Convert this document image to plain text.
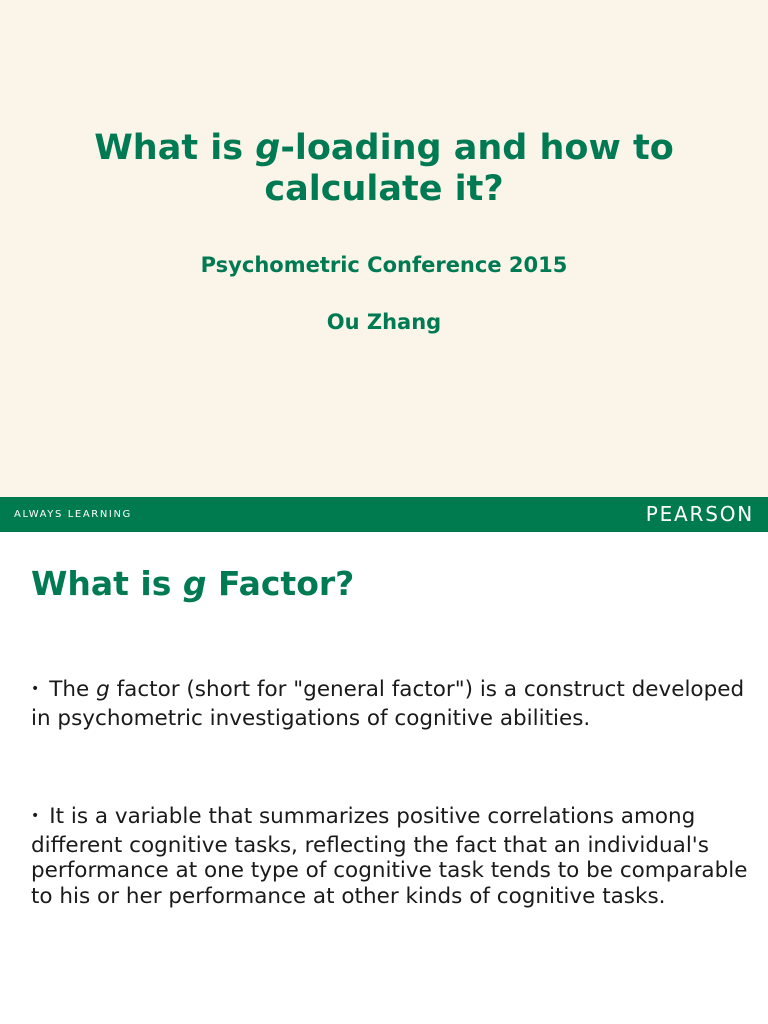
What is g-loading and how to
calculate it?
Psychometric Conference 2015
Ou Zhang
ALWAYS LEARNING	PEARSON
What is g Factor?
• The g factor (short for "general factor") is a construct developed in psychometric investigations of cognitive abilities.
• It is a variable that summarizes positive correlations among different cognitive tasks, reflecting the fact that an individual's performance at one type of cognitive task tends to be comparable to his or her performance at other kinds of cognitive tasks.
